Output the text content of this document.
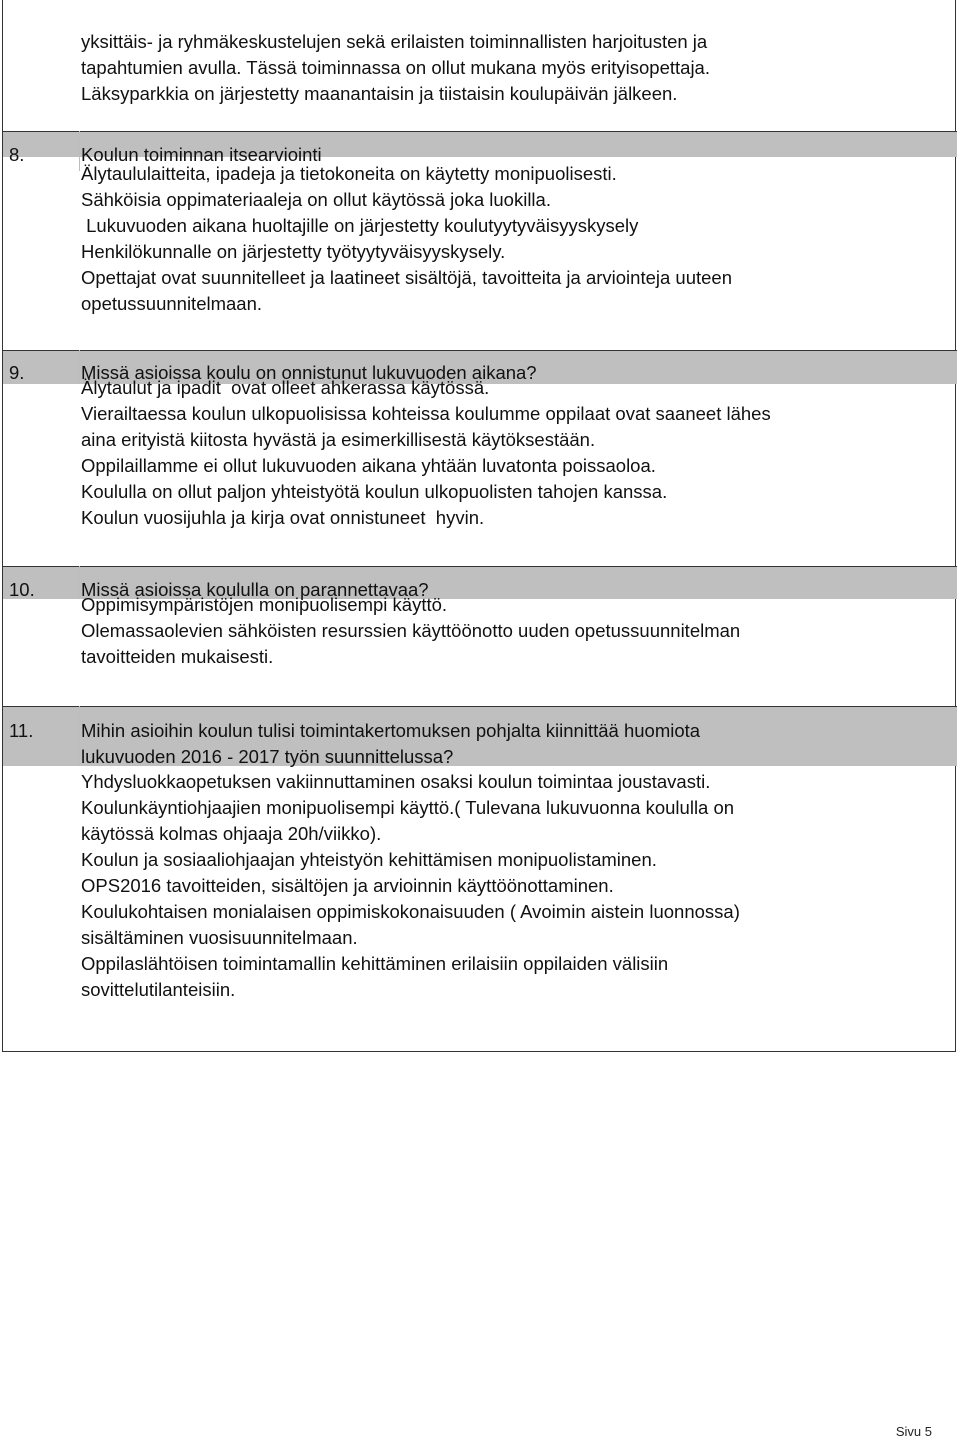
yksittäis- ja ryhmäkeskustelujen sekä erilaisten toiminnallisten harjoitusten ja
tapahtumien avulla. Tässä toiminnassa on ollut mukana myös erityisopettaja.
Läksyparkkia on järjestetty maanantaisin ja tiistaisin koulupäivän jälkeen.
8.	Koulun toiminnan itsearviointi
Älytaululaitteita, ipadeja ja tietokoneita on käytetty monipuolisesti.
Sähköisia oppimateriaaleja on ollut käytössä joka luokilla.
Lukuvuoden aikana huoltajille on järjestetty koulutyytyväisyyskysely
Henkilökunnalle on järjestetty työtyytyväisyyskysely.
Opettajat ovat suunnitelleet ja laatineet sisältöjä, tavoitteita ja arviointeja uuteen
opetussuunnitelmaan.
9.	Missä asioissa koulu on onnistunut lukuvuoden aikana?
Älytaulut ja ipadit  ovat olleet ahkerassa käytössä.
Vierailtaessa koulun ulkopuolisissa kohteissa koulumme oppilaat ovat saaneet lähes
aina erityistä kiitosta hyvästä ja esimerkillisestä käytöksestään.
Oppilaillamme ei ollut lukuvuoden aikana yhtään luvatonta poissaoloa.
Koululla on ollut paljon yhteistyötä koulun ulkopuolisten tahojen kanssa.
Koulun vuosijuhla ja kirja ovat onnistuneet  hyvin.
10.	Missä asioissa koululla on parannettavaa?
Oppimisympäristöjen monipuolisempi käyttö.
Olemassaolevien sähköisten resurssien käyttöönotto uuden opetussuunnitelman
tavoitteiden mukaisesti.
11.	Mihin asioihin koulun tulisi toimintakertomuksen pohjalta kiinnittää huomiota
lukuvuoden 2016 - 2017 työn suunnittelussa?
Yhdysluokkaopetuksen vakiinnuttaminen osaksi koulun toimintaa joustavasti.
Koulunkäyntiohjaajien monipuolisempi käyttö.( Tulevana lukuvuonna koululla on
käytössä kolmas ohjaaja 20h/viikko).
Koulun ja sosiaaliohjaajan yhteistyön kehittämisen monipuolistaminen.
OPS2016 tavoitteiden, sisältöjen ja arvioinnin käyttöönottaminen.
Koulukohtaisen monialaisen oppimiskokonaisuuden ( Avoimin aistein luonnossa)
sisältäminen vuosisuunnitelmaan.
Oppilaslähtöisen toimintamallin kehittäminen erilaisiin oppilaiden välisiin
sovittelutilanteisiin.
Sivu 5
